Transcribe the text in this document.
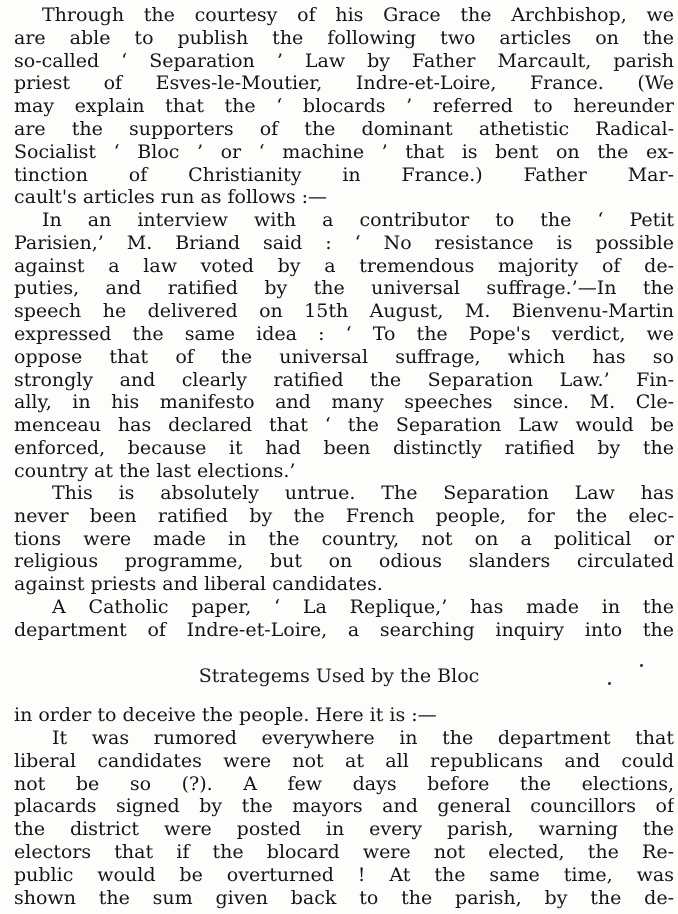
Through the courtesy of his Grace the Archbishop, we
are able to publish the following two articles on the
so-called ‘ Separation ’ Law by Father Marcault, parish
priest of Esves-le-Moutier, Indre-et-Loire, France. (We
may explain that the ‘ blocards ’ referred to hereunder
are the supporters of the dominant athetistic Radical-
Socialist ‘ Bloc ’ or ‘ machine ’ that is bent on the ex-
tinction of Christianity in France.) Father Mar-
cault's articles run as follows :—
In an interview with a contributor to the ‘ Petit
Parisien,’ M. Briand said : ‘ No resistance is possible
against a law voted by a tremendous majority of de-
puties, and ratified by the universal suffrage.’—In the
speech he delivered on 15th August, M. Bienvenu-Martin
expressed the same idea : ‘ To the Pope's verdict, we
oppose that of the universal suffrage, which has so
strongly and clearly ratified the Separation Law.’ Fin-
ally, in his manifesto and many speeches since. M. Cle-
menceau has declared that ‘ the Separation Law would be
enforced, because it had been distinctly ratified by the
country at the last elections.’
This is absolutely untrue. The Separation Law has
never been ratified by the French people, for the elec-
tions were made in the country, not on a political or
religious programme, but on odious slanders circulated
against priests and liberal candidates.
A Catholic paper, ‘ La Replique,’ has made in the
department of Indre-et-Loire, a searching inquiry into the
Strategems Used by the Bloc
in order to deceive the people. Here it is :—
It was rumored everywhere in the department that
liberal candidates were not at all republicans and could
not be so (?). A few days before the elections,
placards signed by the mayors and general councillors of
the district were posted in every parish, warning the
electors that if the blocard were not elected, the Re-
public would be overturned ! At the same time, was
shown the sum given back to the parish, by the de-
